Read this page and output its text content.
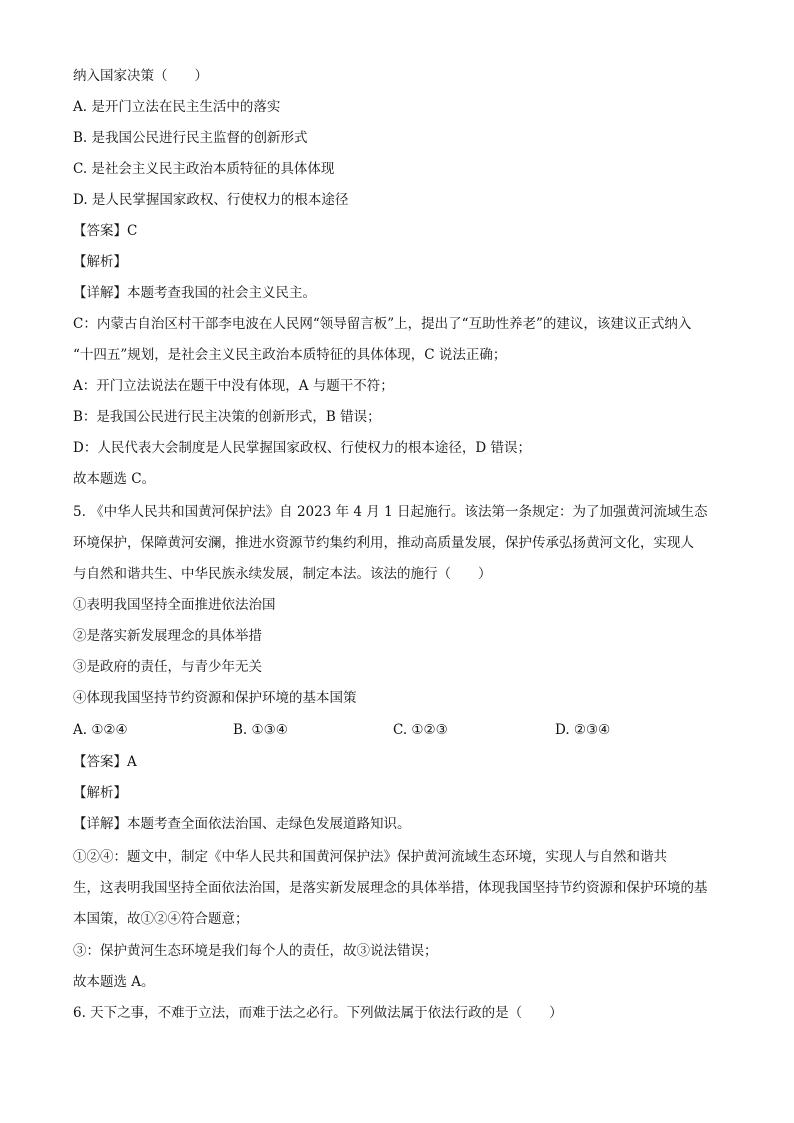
纳入国家决策（　　）
A. 是开门立法在民主生活中的落实
B. 是我国公民进行民主监督的创新形式
C. 是社会主义民主政治本质特征的具体体现
D. 是人民掌握国家政权、行使权力的根本途径
【答案】C
【解析】
【详解】本题考查我国的社会主义民主。
C：内蒙古自治区村干部李电波在人民网“领导留言板”上，提出了“互助性养老”的建议，该建议正式纳入
“十四五”规划，是社会主义民主政治本质特征的具体体现，C 说法正确；
A：开门立法说法在题干中没有体现，A 与题干不符；
B：是我国公民进行民主决策的创新形式，B 错误；
D：人民代表大会制度是人民掌握国家政权、行使权力的根本途径，D 错误；
故本题选 C。
5. 《中华人民共和国黄河保护法》自 2023 年 4 月 1 日起施行。该法第一条规定：为了加强黄河流域生态
环境保护，保障黄河安澜，推进水资源节约集约利用，推动高质量发展，保护传承弘扬黄河文化，实现人
与自然和谐共生、中华民族永续发展，制定本法。该法的施行（　　）
①表明我国坚持全面推进依法治国
②是落实新发展理念的具体举措
③是政府的责任，与青少年无关
④体现我国坚持节约资源和保护环境的基本国策
A. ①②④	B. ①③④	C. ①②③	D. ②③④
【答案】A
【解析】
【详解】本题考查全面依法治国、走绿色发展道路知识。
①②④：题文中，制定《中华人民共和国黄河保护法》保护黄河流域生态环境，实现人与自然和谐共
生，这表明我国坚持全面依法治国，是落实新发展理念的具体举措，体现我国坚持节约资源和保护环境的基
本国策，故①②④符合题意；
③：保护黄河生态环境是我们每个人的责任，故③说法错误；
故本题选 A。
6. 天下之事，不难于立法，而难于法之必行。下列做法属于依法行政的是（　　）
